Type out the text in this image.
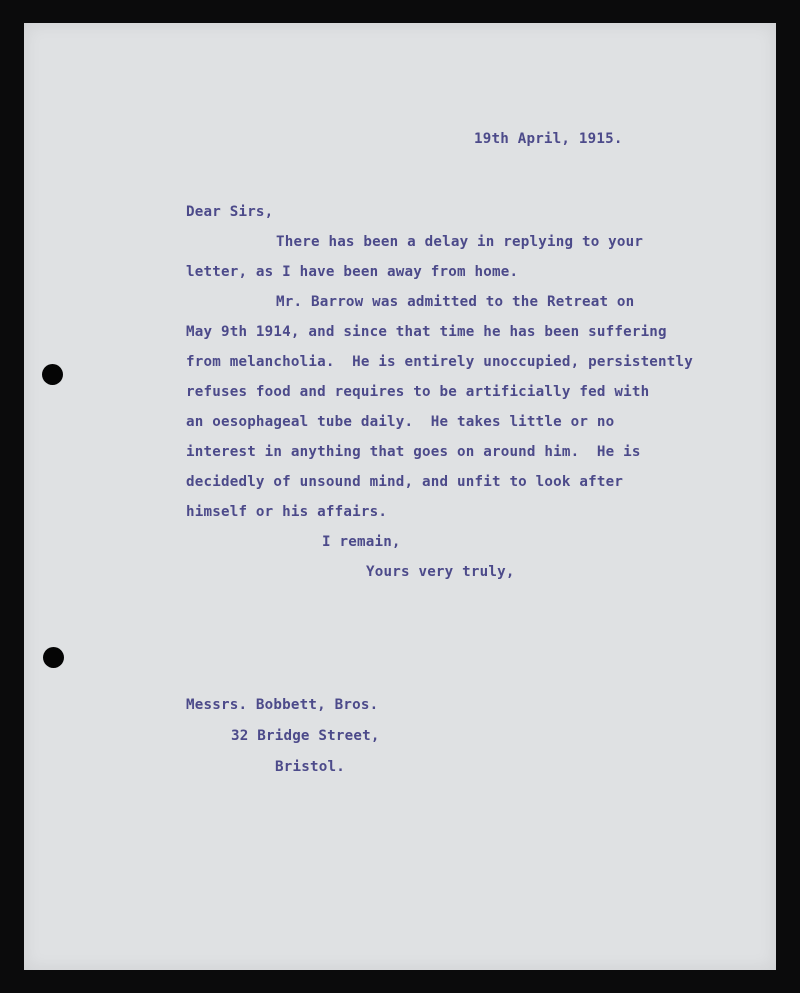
19th April, 1915.
Dear Sirs,
There has been a delay in replying to your
letter, as I have been away from home.
Mr. Barrow was admitted to the Retreat on
May 9th 1914, and since that time he has been suffering
from melancholia.  He is entirely unoccupied, persistently
refuses food and requires to be artificially fed with
an oesophageal tube daily.  He takes little or no
interest in anything that goes on around him.  He is
decidedly of unsound mind, and unfit to look after
himself or his affairs.
I remain,
Yours very truly,
Messrs. Bobbett, Bros.
32 Bridge Street,
Bristol.
